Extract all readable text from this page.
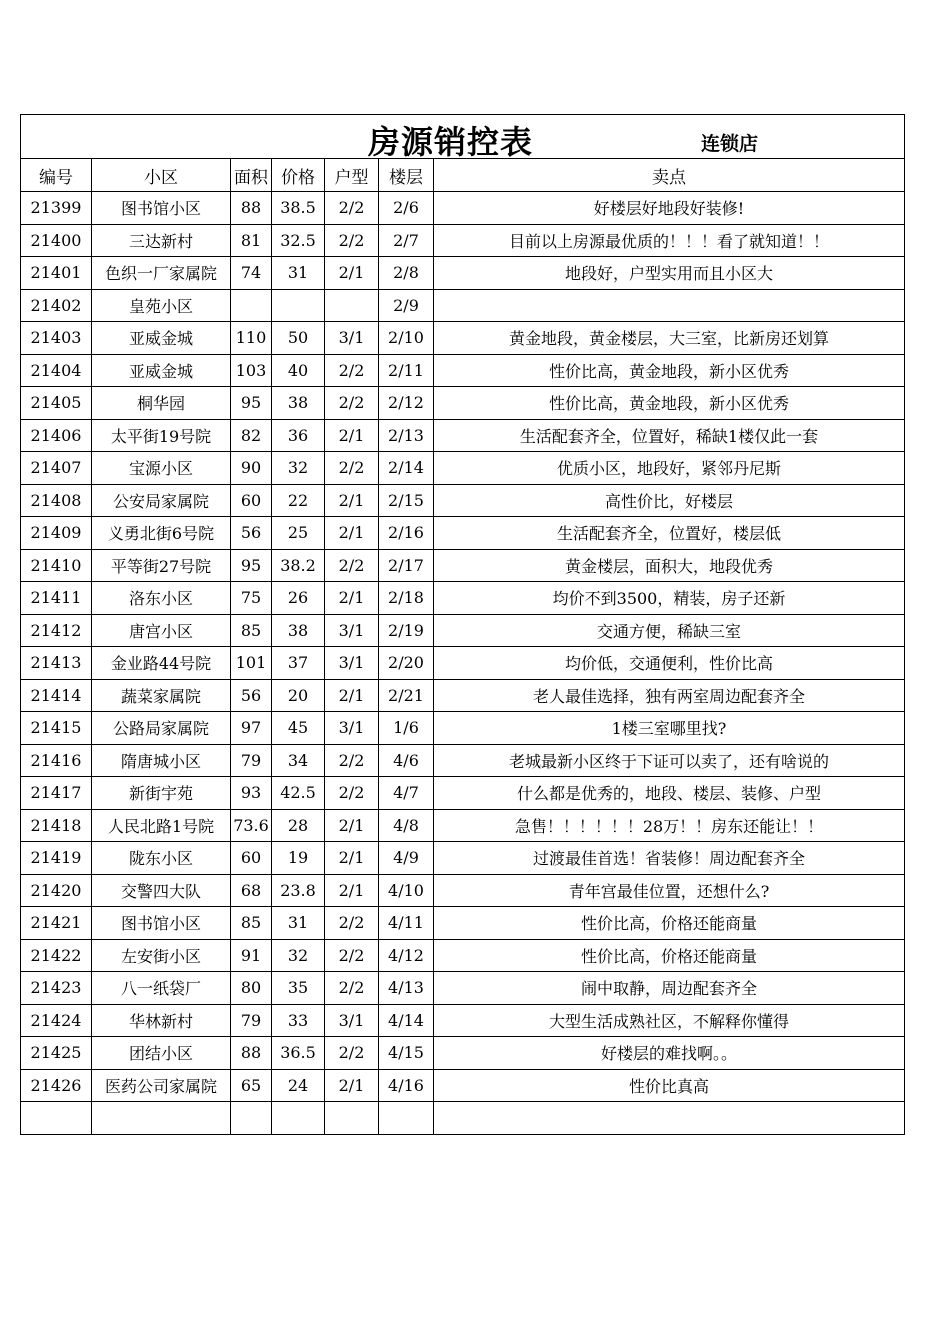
房源销控表 连锁店						

编号	小区	面积	价格	户型	楼层	卖点
21399	图书馆小区	88	38.5	2/2	2/6	好楼层好地段好装修!
21400	三达新村	81	32.5	2/2	2/7	目前以上房源最优质的！！！看了就知道！！
21401	色织一厂家属院	74	31	2/1	2/8	地段好，户型实用而且小区大
21402	皇苑小区				2/9	
21403	亚威金城	110	50	3/1	2/10	黄金地段，黄金楼层，大三室，比新房还划算
21404	亚威金城	103	40	2/2	2/11	性价比高，黄金地段，新小区优秀
21405	桐华园	95	38	2/2	2/12	性价比高，黄金地段，新小区优秀
21406	太平街19号院	82	36	2/1	2/13	生活配套齐全，位置好，稀缺1楼仅此一套
21407	宝源小区	90	32	2/2	2/14	优质小区，地段好，紧邻丹尼斯
21408	公安局家属院	60	22	2/1	2/15	高性价比，好楼层
21409	义勇北街6号院	56	25	2/1	2/16	生活配套齐全，位置好，楼层低
21410	平等街27号院	95	38.2	2/2	2/17	黄金楼层，面积大，地段优秀
21411	洛东小区	75	26	2/1	2/18	均价不到3500，精装，房子还新
21412	唐宫小区	85	38	3/1	2/19	交通方便，稀缺三室
21413	金业路44号院	101	37	3/1	2/20	均价低，交通便利，性价比高
21414	蔬菜家属院	56	20	2/1	2/21	老人最佳选择，独有两室周边配套齐全
21415	公路局家属院	97	45	3/1	1/6	1楼三室哪里找?
21416	隋唐城小区	79	34	2/2	4/6	老城最新小区终于下证可以卖了，还有啥说的
21417	新街宇苑	93	42.5	2/2	4/7	什么都是优秀的，地段、楼层、装修、户型
21418	人民北路1号院	73.6	28	2/1	4/8	急售！！！！！！28万！！房东还能让！！
21419	陇东小区	60	19	2/1	4/9	过渡最佳首选！省装修！周边配套齐全
21420	交警四大队	68	23.8	2/1	4/10	青年宫最佳位置，还想什么?
21421	图书馆小区	85	31	2/2	4/11	性价比高，价格还能商量
21422	左安街小区	91	32	2/2	4/12	性价比高，价格还能商量
21423	八一纸袋厂	80	35	2/2	4/13	闹中取静，周边配套齐全
21424	华林新村	79	33	3/1	4/14	大型生活成熟社区，不解释你懂得
21425	团结小区	88	36.5	2/2	4/15	好楼层的难找啊。。
21426	医药公司家属院	65	24	2/1	4/16	性价比真高
